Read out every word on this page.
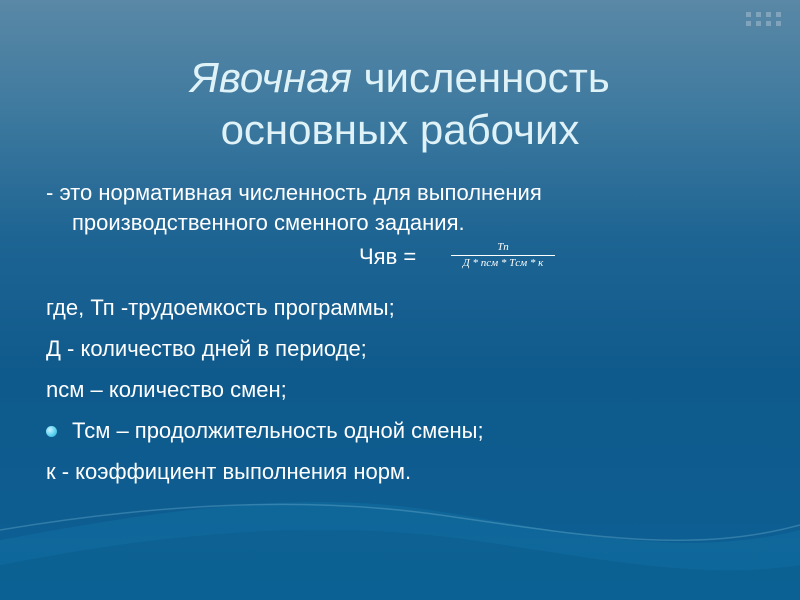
Явочная численность
основных рабочих
- это нормативная численность для выполнения
производственного сменного задания.
Чяв =	Tп
Д * nсм * Tсм * к
где, Тп -трудоемкость программы;
Д - количество дней в периоде;
nсм – количество смен;
Тсм – продолжительность одной смены;
к - коэффициент выполнения норм.
